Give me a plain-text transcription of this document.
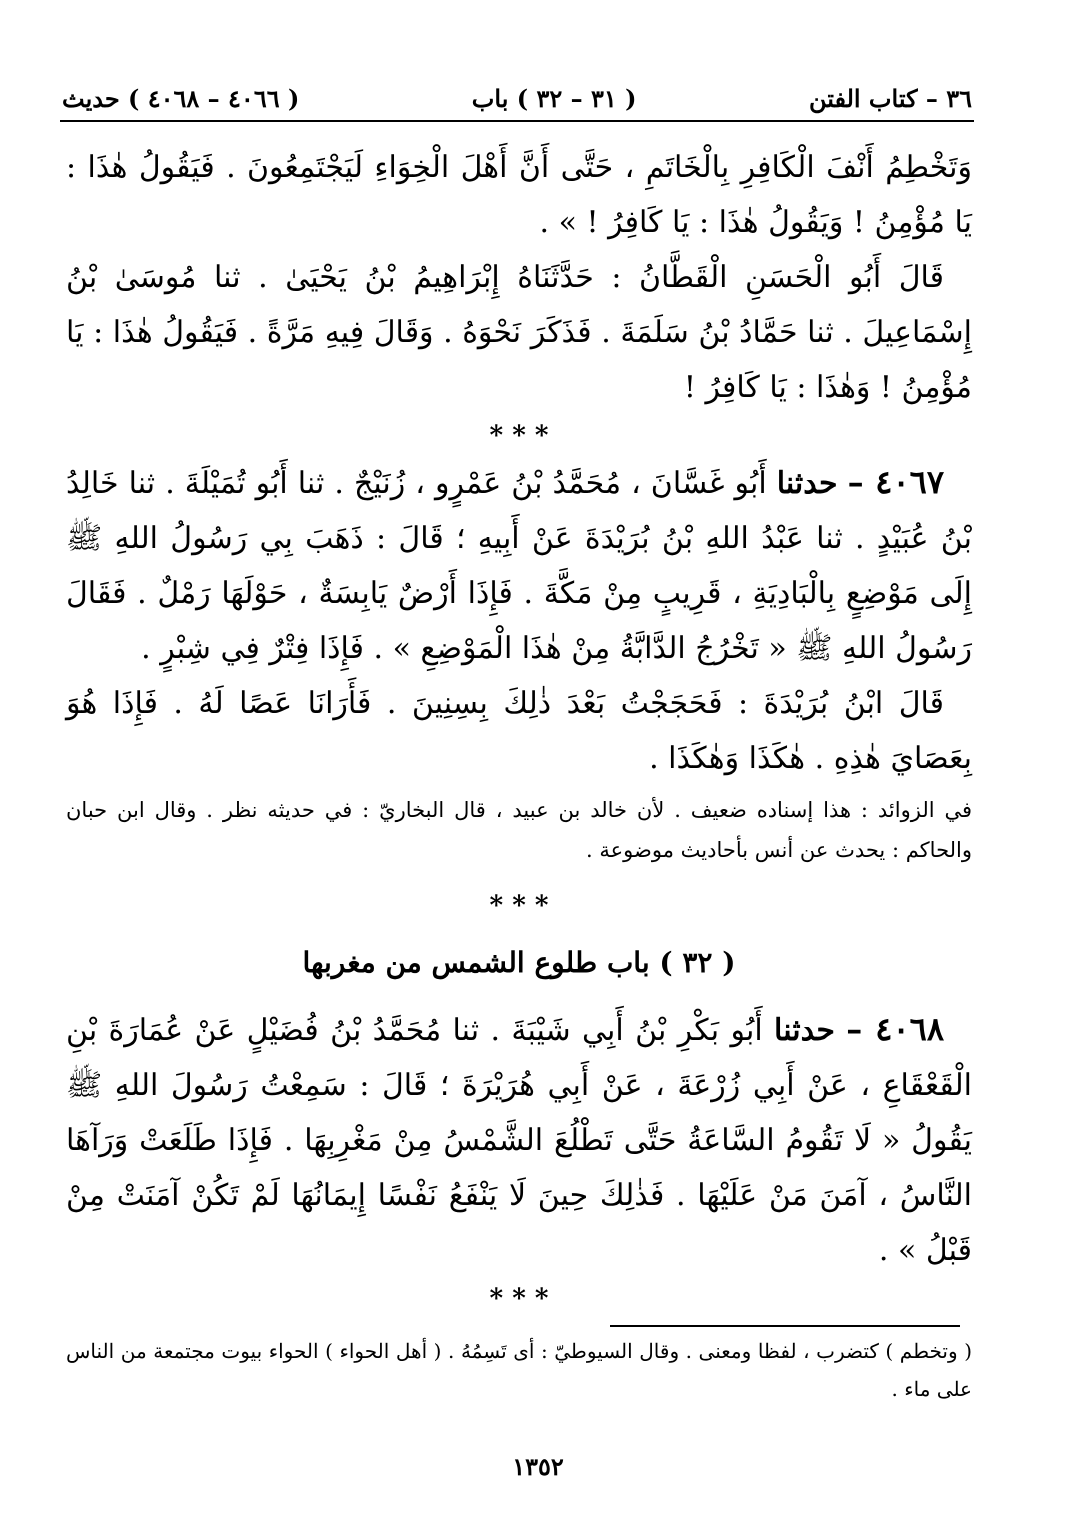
٣٦ – كتاب الفتن
( ٣١ – ٣٢ ) باب
( ٤٠٦٦ – ٤٠٦٨ ) حديث

وَتَخْطِمُ أَنْفَ الْكَافِرِ بِالْخَاتَمِ ، حَتَّى أَنَّ أَهْلَ الْخِوَاءِ لَيَجْتَمِعُونَ . فَيَقُولُ هٰذَا : يَا مُؤْمِنُ ! وَيَقُولُ هٰذَا : يَا كَافِرُ ! » .

قَالَ أَبُو الْحَسَنِ الْقَطَّانُ : حَدَّثَنَاهُ إِبْرَاهِيمُ بْنُ يَحْيَىٰ . ثنا مُوسَىٰ بْنُ إِسْمَاعِيلَ . ثنا حَمَّادُ بْنُ سَلَمَةَ . فَذَكَرَ نَحْوَهُ . وَقَالَ فِيهِ مَرَّةً . فَيَقُولُ هٰذَا : يَا مُؤْمِنُ ! وَهٰذَا : يَا كَافِرُ !

* * *

٤٠٦٧ – حدثنا أَبُو غَسَّانَ ، مُحَمَّدُ بْنُ عَمْرٍو ، زُنَيْجٌ . ثنا أَبُو تُمَيْلَةَ . ثنا خَالِدُ بْنُ عُبَيْدٍ . ثنا عَبْدُ اللهِ بْنُ بُرَيْدَةَ عَنْ أَبِيهِ ؛ قَالَ : ذَهَبَ بِي رَسُولُ اللهِ ﷺ إِلَى مَوْضِعٍ بِالْبَادِيَةِ ، قَرِيبٍ مِنْ مَكَّةَ . فَإِذَا أَرْضٌ يَابِسَةٌ ، حَوْلَهَا رَمْلٌ . فَقَالَ رَسُولُ اللهِ ﷺ « تَخْرُجُ الدَّابَّةُ مِنْ هٰذَا الْمَوْضِعِ » . فَإِذَا فِتْرٌ فِي شِبْرٍ .

قَالَ ابْنُ بُرَيْدَةَ : فَحَجَجْتُ بَعْدَ ذٰلِكَ بِسِنِينَ . فَأَرَانَا عَصًا لَهُ . فَإِذَا هُوَ بِعَصَايَ هٰذِهِ . هٰكَذَا وَهٰكَذَا .

في الزوائد : هذا إسناده ضعيف . لأن خالد بن عبيد ، قال البخاريّ : في حديثه نظر . وقال ابن حبان والحاكم : يحدث عن أنس بأحاديث موضوعة .

* * *
( ٣٢ ) باب طلوع الشمس من مغربها

٤٠٦٨ – حدثنا أَبُو بَكْرِ بْنُ أَبِي شَيْبَةَ . ثنا مُحَمَّدُ بْنُ فُضَيْلٍ عَنْ عُمَارَةَ بْنِ الْقَعْقَاعِ ، عَنْ أَبِي زُرْعَةَ ، عَنْ أَبِي هُرَيْرَةَ ؛ قَالَ : سَمِعْتُ رَسُولَ اللهِ ﷺ يَقُولُ « لَا تَقُومُ السَّاعَةُ حَتَّى تَطْلُعَ الشَّمْسُ مِنْ مَغْرِبِهَا . فَإِذَا طَلَعَتْ وَرَآهَا النَّاسُ ، آمَنَ مَنْ عَلَيْهَا . فَذٰلِكَ حِينَ لَا يَنْفَعُ نَفْسًا إِيمَانُهَا لَمْ تَكُنْ آمَنَتْ مِنْ قَبْلُ » .

* * *

( وتخطم ) كتضرب ، لفظا ومعنى . وقال السيوطيّ : أى تَسِمُهُ . ( أهل الحواء ) الحواء بيوت مجتمعة من الناس على ماء .

١٣٥٢
